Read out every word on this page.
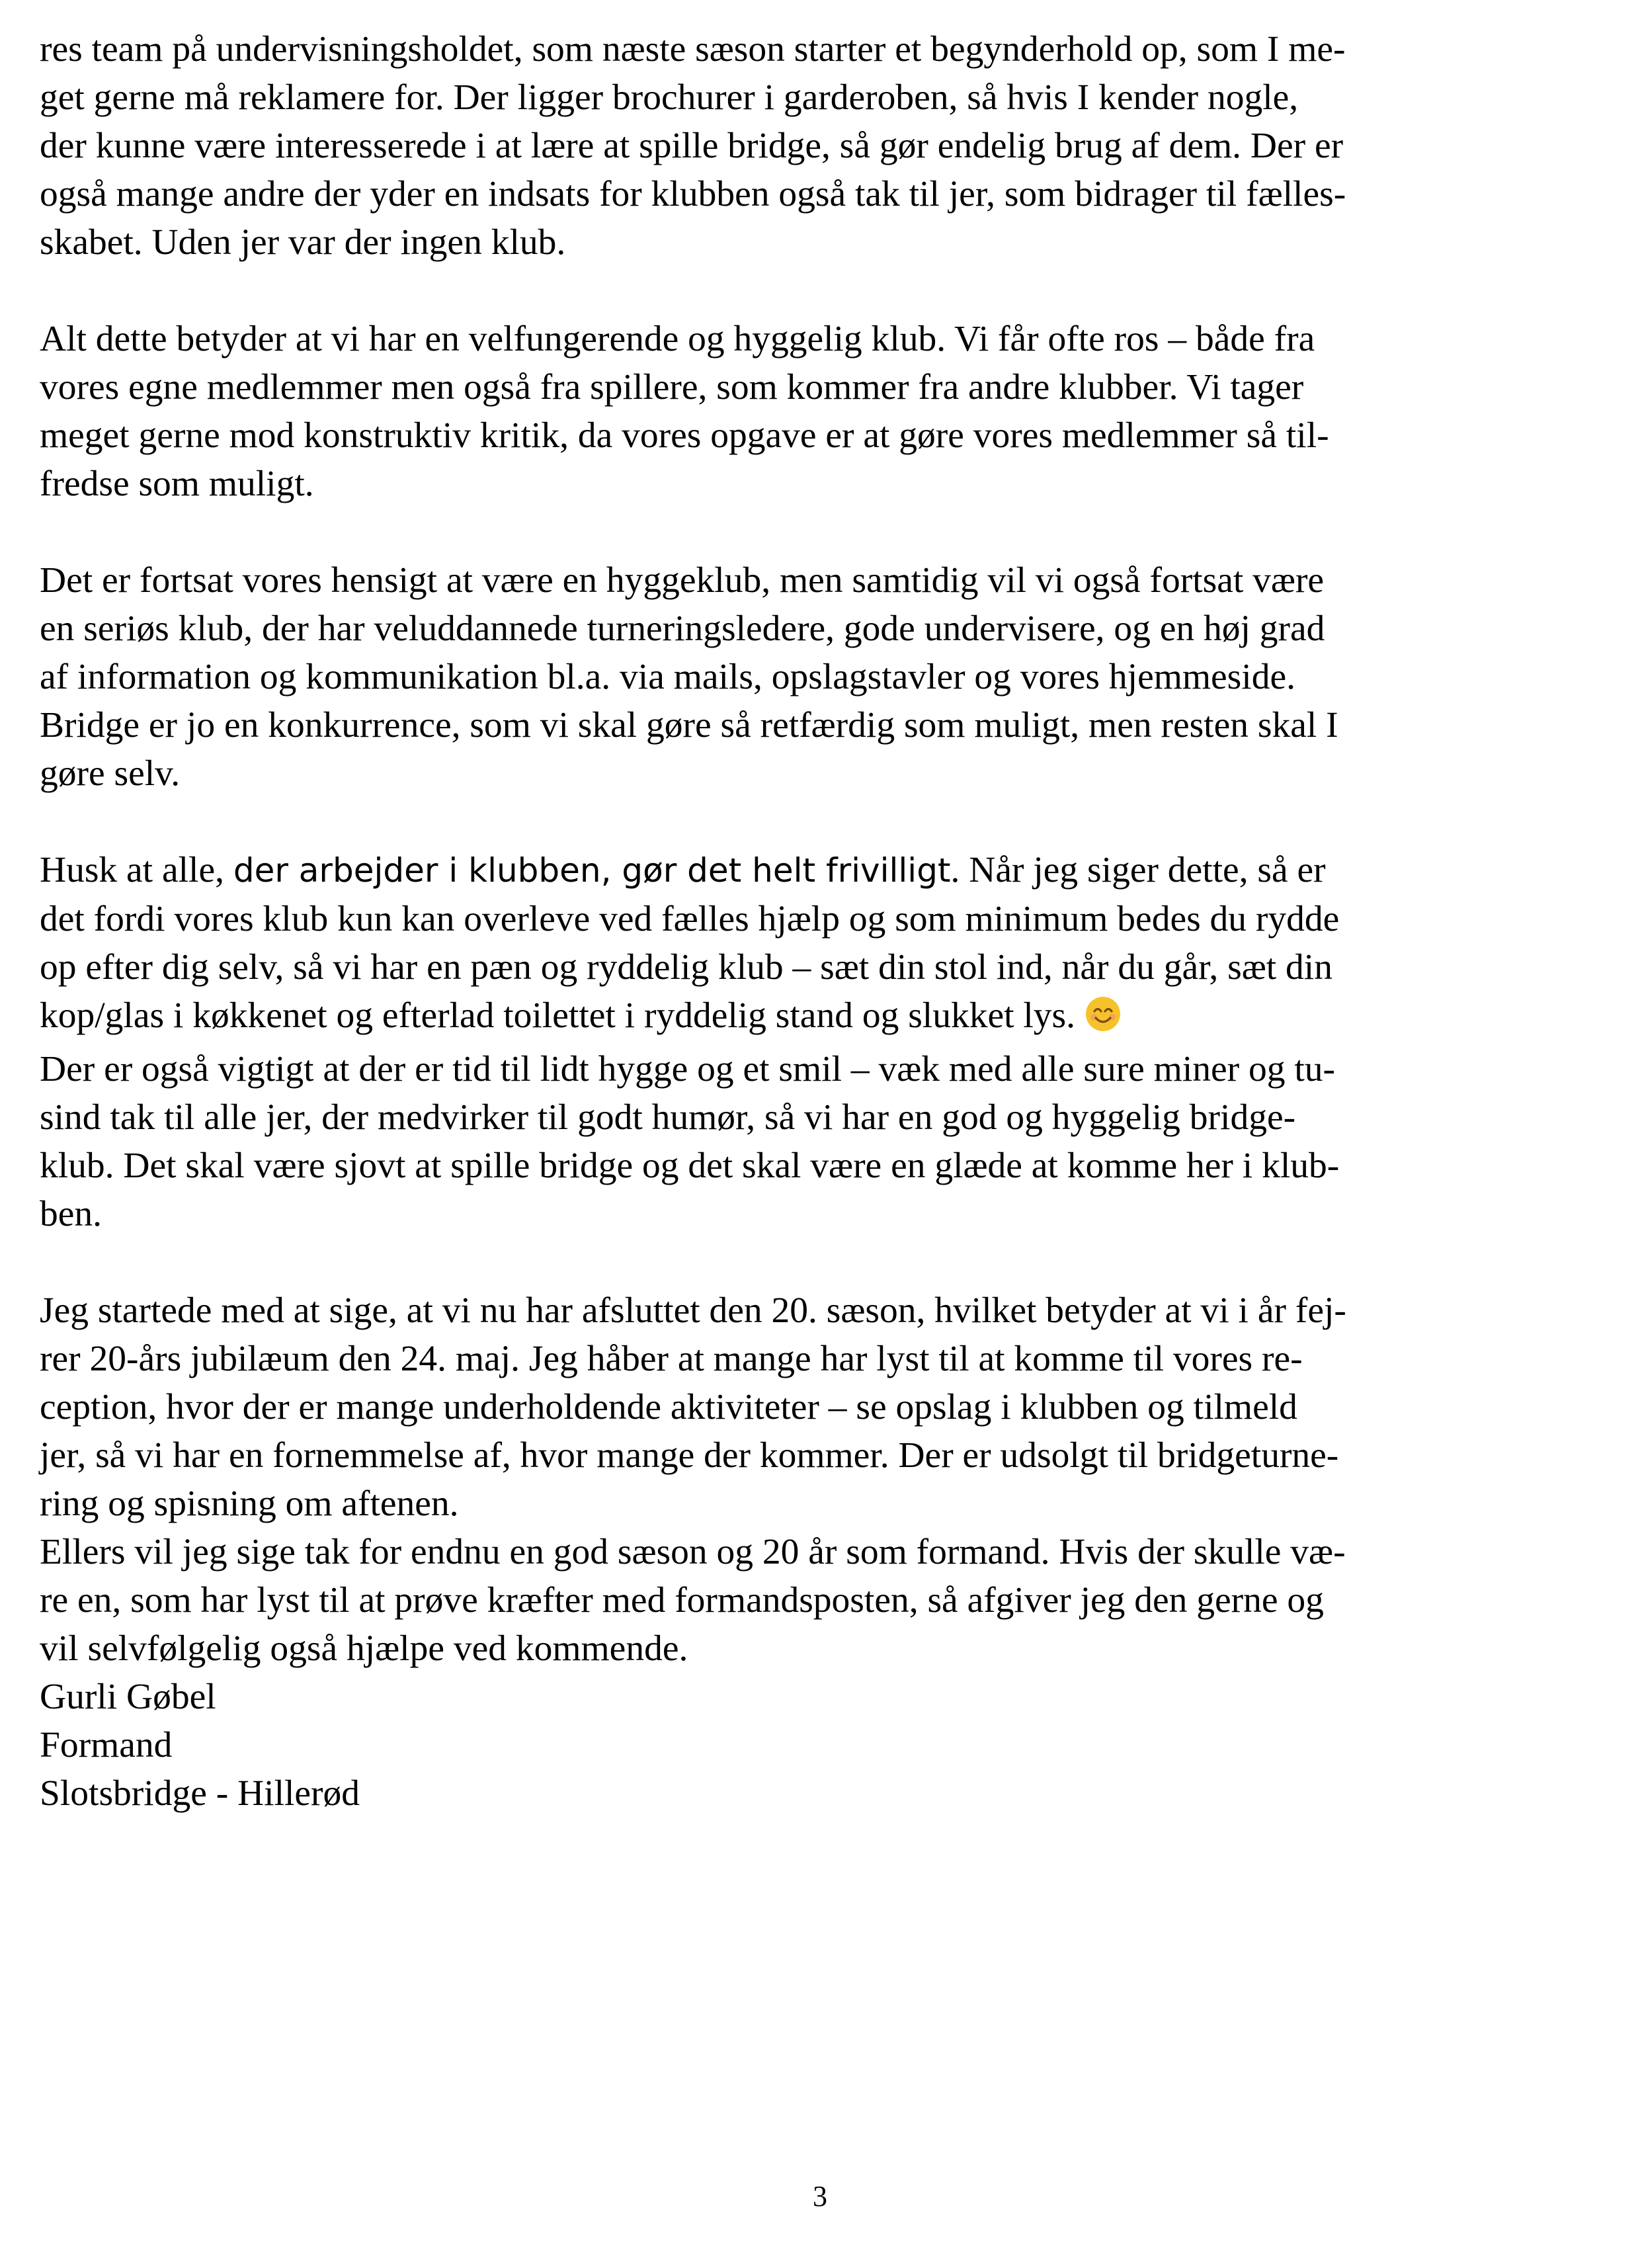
res team på undervisningsholdet, som næste sæson starter et begynderhold op, som I me-
get gerne må reklamere for. Der ligger brochurer i garderoben, så hvis I kender nogle,
der kunne være interesserede i at lære at spille bridge, så gør endelig brug af dem. Der er
også mange andre der yder en indsats for klubben også tak til jer, som bidrager til fælles-
skabet. Uden jer var der ingen klub.

Alt dette betyder at vi har en velfungerende og hyggelig klub. Vi får ofte ros – både fra
vores egne medlemmer men også fra spillere, som kommer fra andre klubber. Vi tager
meget gerne mod konstruktiv kritik, da vores opgave er at gøre vores medlemmer så til-
fredse som muligt.

Det er fortsat vores hensigt at være en hyggeklub, men samtidig vil vi også fortsat være
en seriøs klub, der har veluddannede turneringsledere, gode undervisere, og en høj grad
af information og kommunikation bl.a. via mails, opslagstavler og vores hjemmeside.
Bridge er jo en konkurrence, som vi skal gøre så retfærdig som muligt, men resten skal I
gøre selv.

Husk at alle, der arbejder i klubben, gør det helt frivilligt. Når jeg siger dette, så er
det fordi vores klub kun kan overleve ved fælles hjælp og som minimum bedes du rydde
op efter dig selv, så vi har en pæn og ryddelig klub – sæt din stol ind, når du går, sæt din
kop/glas i køkkenet og efterlad toilettet i ryddelig stand og slukket lys.

Der er også vigtigt at der er tid til lidt hygge og et smil – væk med alle sure miner og tu-
sind tak til alle jer, der medvirker til godt humør, så vi har en god og hyggelig bridge-
klub. Det skal være sjovt at spille bridge og det skal være en glæde at komme her i klub-
ben.

Jeg startede med at sige, at vi nu har afsluttet den 20. sæson, hvilket betyder at vi i år fej-
rer 20-års jubilæum den 24. maj. Jeg håber at mange har lyst til at komme til vores re-
ception, hvor der er mange underholdende aktiviteter – se opslag i klubben og tilmeld
jer, så vi har en fornemmelse af, hvor mange der kommer. Der er udsolgt til bridgeturne-
ring og spisning om aftenen.

Ellers vil jeg sige tak for endnu en god sæson og 20 år som formand. Hvis der skulle væ-
re en, som har lyst til at prøve kræfter med formandsposten, så afgiver jeg den gerne og
vil selvfølgelig også hjælpe ved kommende.

Gurli Gøbel

Formand

Slotsbridge - Hillerød

3
